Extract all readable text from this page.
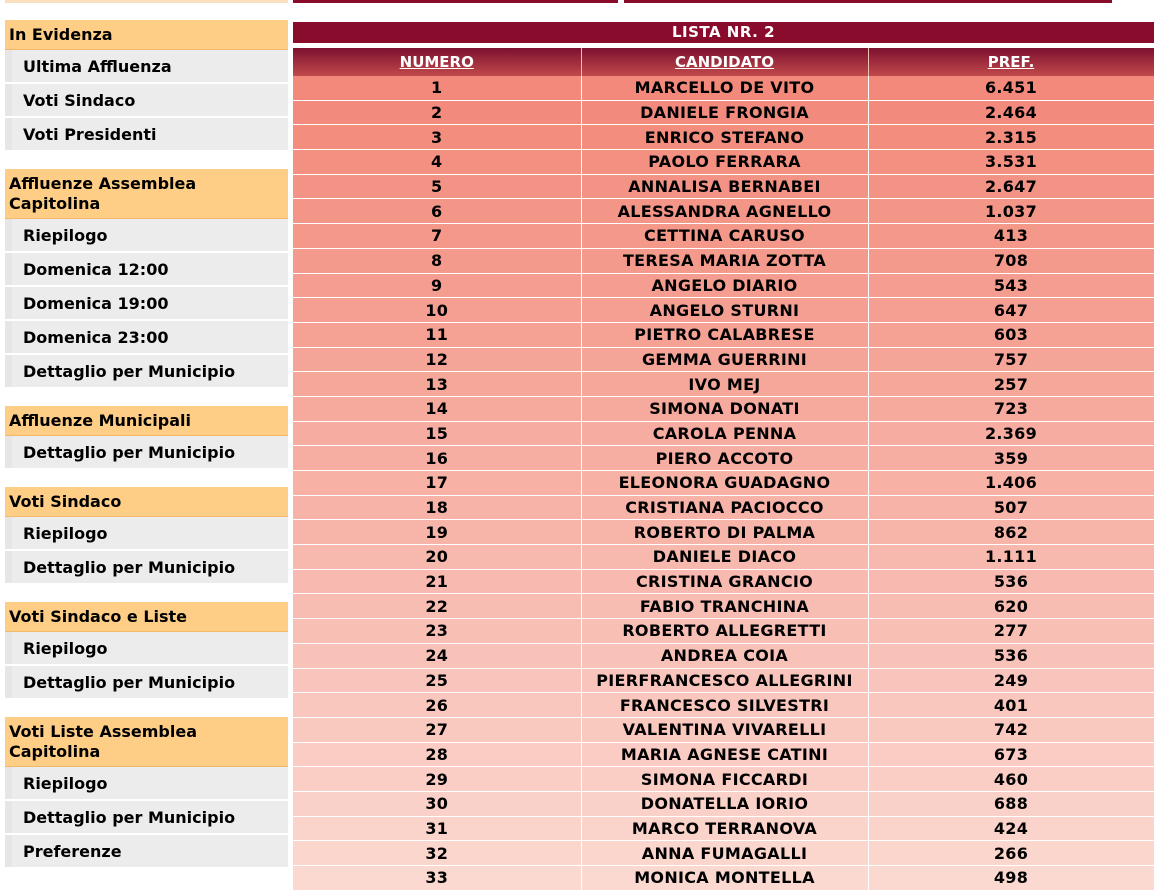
In Evidenza
Ultima Affluenza
Voti Sindaco
Voti Presidenti
Affluenze Assemblea Capitolina
Riepilogo
Domenica 12:00
Domenica 19:00
Domenica 23:00
Dettaglio per Municipio
Affluenze Municipali
Dettaglio per Municipio
Voti Sindaco
Riepilogo
Dettaglio per Municipio
Voti Sindaco e Liste
Riepilogo
Dettaglio per Municipio
Voti Liste Assemblea Capitolina
Riepilogo
Dettaglio per Municipio
Preferenze
LISTA NR. 2
NUMERO	CANDIDATO	PREF.
1	MARCELLO DE VITO	6.451
2	DANIELE FRONGIA	2.464
3	ENRICO STEFANO	2.315
4	PAOLO FERRARA	3.531
5	ANNALISA BERNABEI	2.647
6	ALESSANDRA AGNELLO	1.037
7	CETTINA CARUSO	413
8	TERESA MARIA ZOTTA	708
9	ANGELO DIARIO	543
10	ANGELO STURNI	647
11	PIETRO CALABRESE	603
12	GEMMA GUERRINI	757
13	IVO MEJ	257
14	SIMONA DONATI	723
15	CAROLA PENNA	2.369
16	PIERO ACCOTO	359
17	ELEONORA GUADAGNO	1.406
18	CRISTIANA PACIOCCO	507
19	ROBERTO DI PALMA	862
20	DANIELE DIACO	1.111
21	CRISTINA GRANCIO	536
22	FABIO TRANCHINA	620
23	ROBERTO ALLEGRETTI	277
24	ANDREA COIA	536
25	PIERFRANCESCO ALLEGRINI	249
26	FRANCESCO SILVESTRI	401
27	VALENTINA VIVARELLI	742
28	MARIA AGNESE CATINI	673
29	SIMONA FICCARDI	460
30	DONATELLA IORIO	688
31	MARCO TERRANOVA	424
32	ANNA FUMAGALLI	266
33	MONICA MONTELLA	498
